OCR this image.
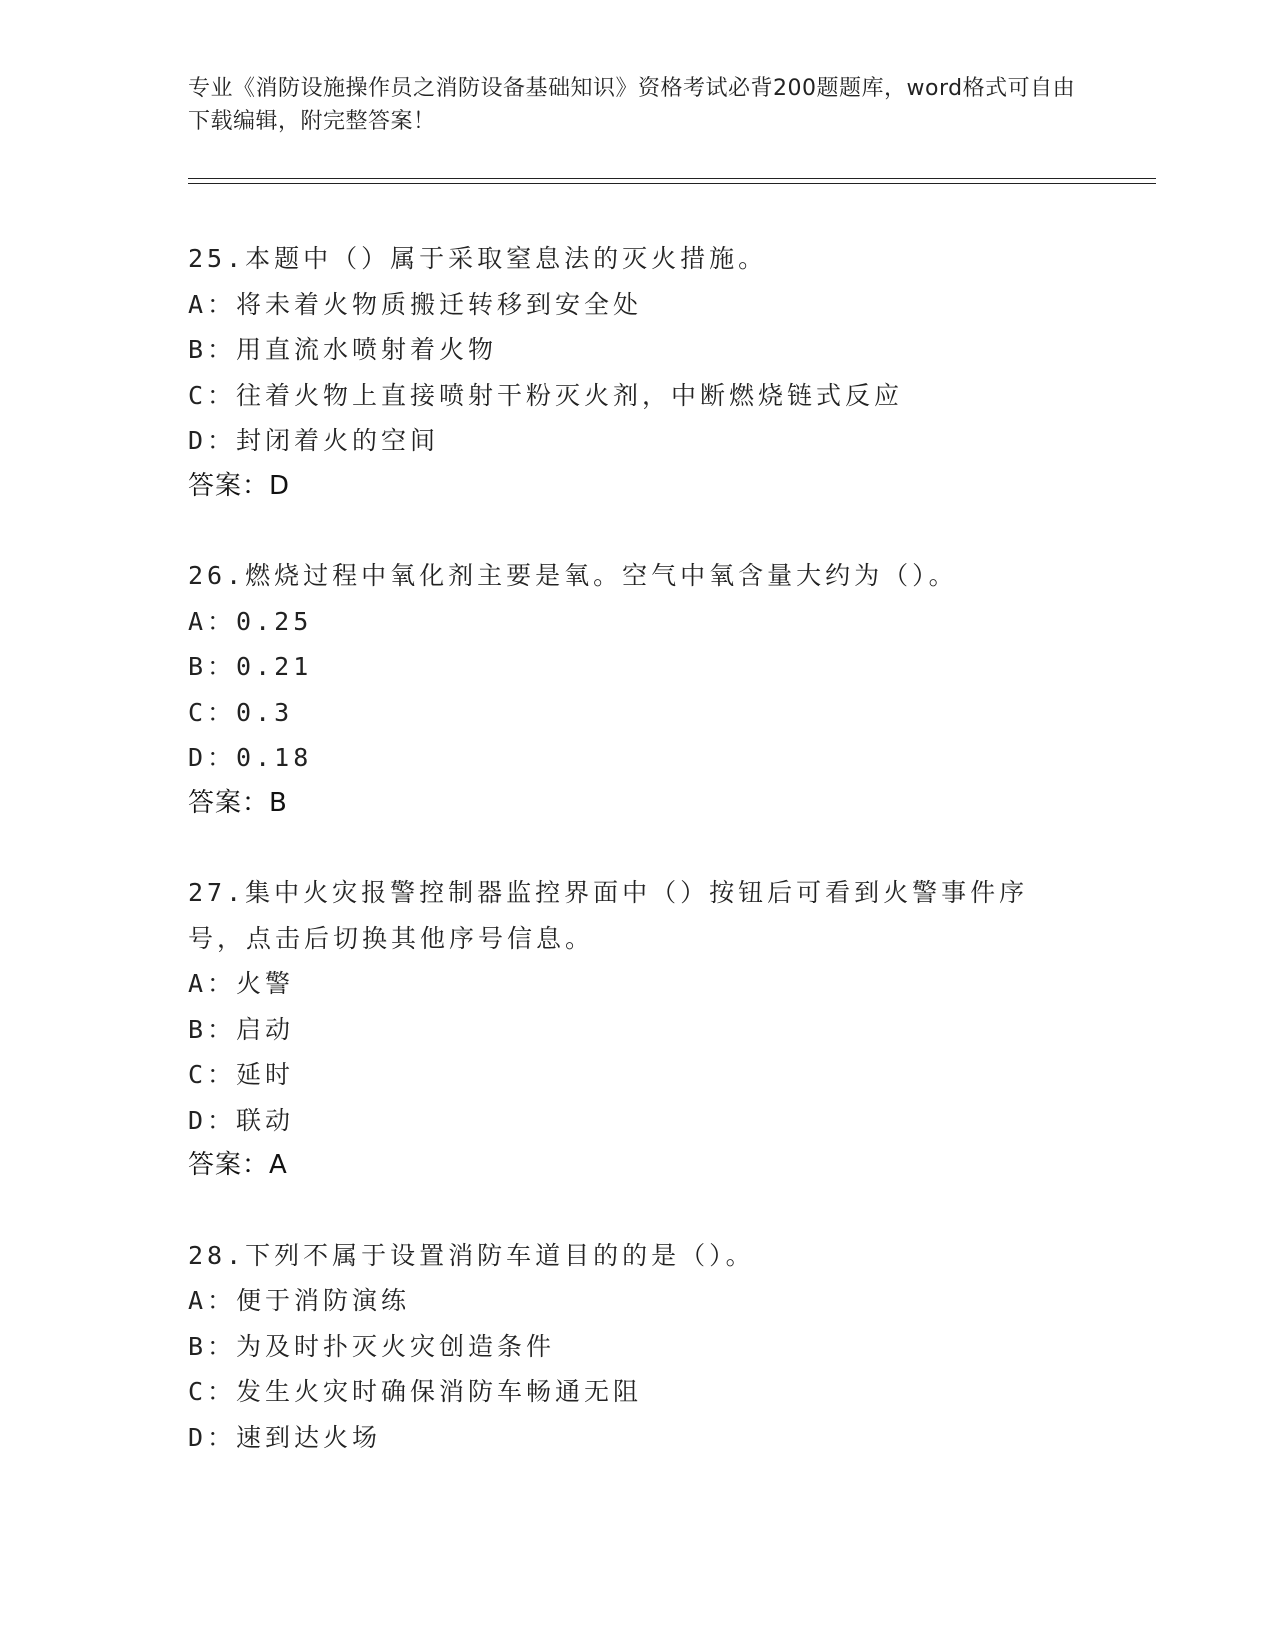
专业《消防设施操作员之消防设备基础知识》资格考试必背200题题库，word格式可自由下载编辑，附完整答案！
25.本题中（）属于采取窒息法的灭火措施。
A：将未着火物质搬迁转移到安全处
B：用直流水喷射着火物
C：往着火物上直接喷射干粉灭火剂，中断燃烧链式反应
D：封闭着火的空间
答案：D
26.燃烧过程中氧化剂主要是氧。空气中氧含量大约为（）。
A：0.25
B：0.21
C：0.3
D：0.18
答案：B
27.集中火灾报警控制器监控界面中（）按钮后可看到火警事件序号，点击后切换其他序号信息。
A：火警
B：启动
C：延时
D：联动
答案：A
28.下列不属于设置消防车道目的的是（）。
A：便于消防演练
B：为及时扑灭火灾创造条件
C：发生火灾时确保消防车畅通无阻
D：速到达火场
